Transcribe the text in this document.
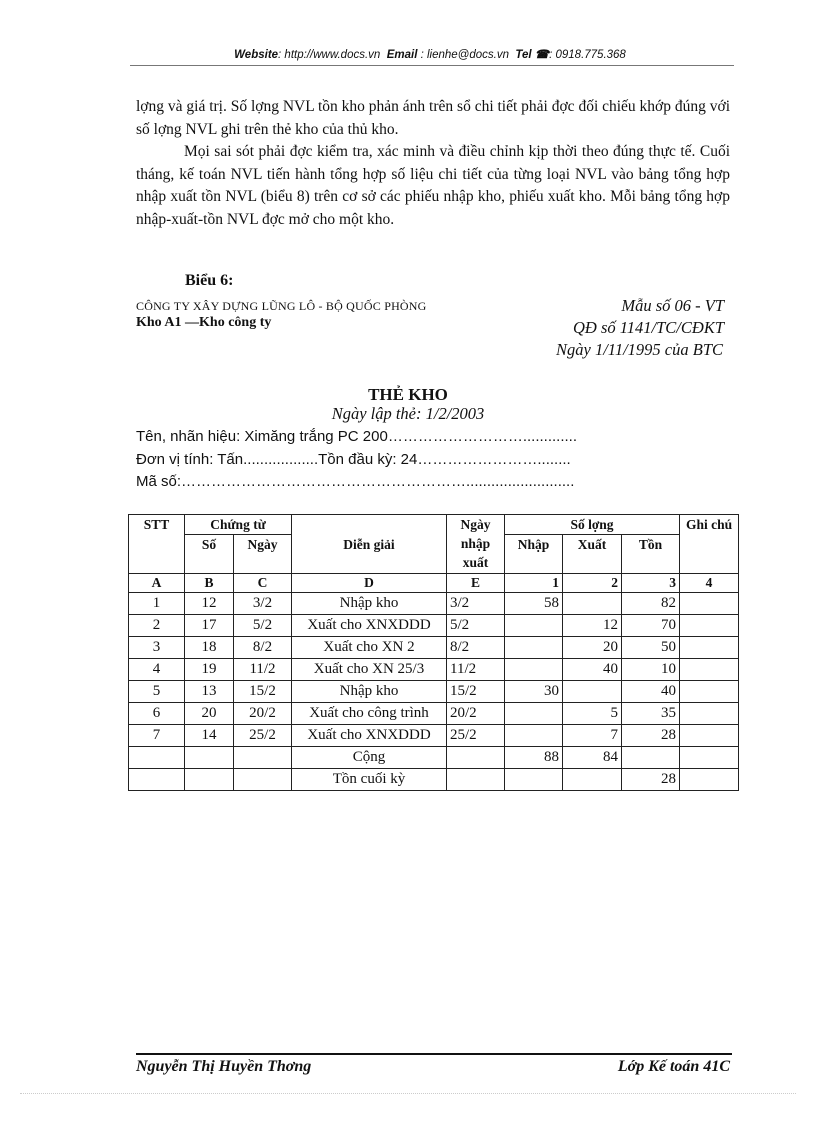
Website: http://www.docs.vn Email : lienhe@docs.vn Tel ☎: 0918.775.368

lợng và giá trị. Số lợng NVL tồn kho phản ánh trên sổ chi tiết phải đợc đối chiếu khớp đúng với số lợng NVL ghi trên thẻ kho của thủ kho.

Mọi sai sót phải đợc kiểm tra, xác minh và điều chỉnh kịp thời theo đúng thực tế. Cuối tháng, kế toán NVL tiến hành tổng hợp số liệu chi tiết của từng loại NVL vào bảng tổng hợp nhập xuất tồn NVL (biểu 8) trên cơ sở các phiếu nhập kho, phiếu xuất kho. Mỗi bảng tổng hợp nhập-xuất-tồn NVL đợc mở cho một kho.

Biểu 6:
CÔNG TY XÂY DỰNG LŨNG LÔ - BỘ QUỐC PHÒNG
Kho A1 —Kho công ty
Mẫu số 06 - VT
QĐ số 1141/TC/CĐKT
Ngày 1/11/1995 của BTC
THẺ KHO
Ngày lập thẻ: 1/2/2003
Tên, nhãn hiệu: Ximăng trắng PC 200……………………….............
Đơn vị tính: Tấn..................Tồn đầu kỳ: 24……………………........
Mã số:…………………………………………………..........................
STT	Chứng từ		Diễn giải	Ngày nhập xuất	Số lợng			Ghi chú
	Số	Ngày			Nhập	Xuất	Tồn	
A	B	C	D	E	1	2	3	4
1	12	3/2	Nhập kho	3/2	58		82	
2	17	5/2	Xuất cho XNXDDD	5/2		12	70	
3	18	8/2	Xuất cho XN 2	8/2		20	50	
4	19	11/2	Xuất cho XN 25/3	11/2		40	10	
5	13	15/2	Nhập kho	15/2	30		40	
6	20	20/2	Xuất cho công trình	20/2		5	35	
7	14	25/2	Xuất cho XNXDDD	25/2		7	28	
			Cộng		88	84		
			Tồn cuối kỳ				28	
Nguyễn Thị Huyền Thơng	Lớp Kế toán 41C
